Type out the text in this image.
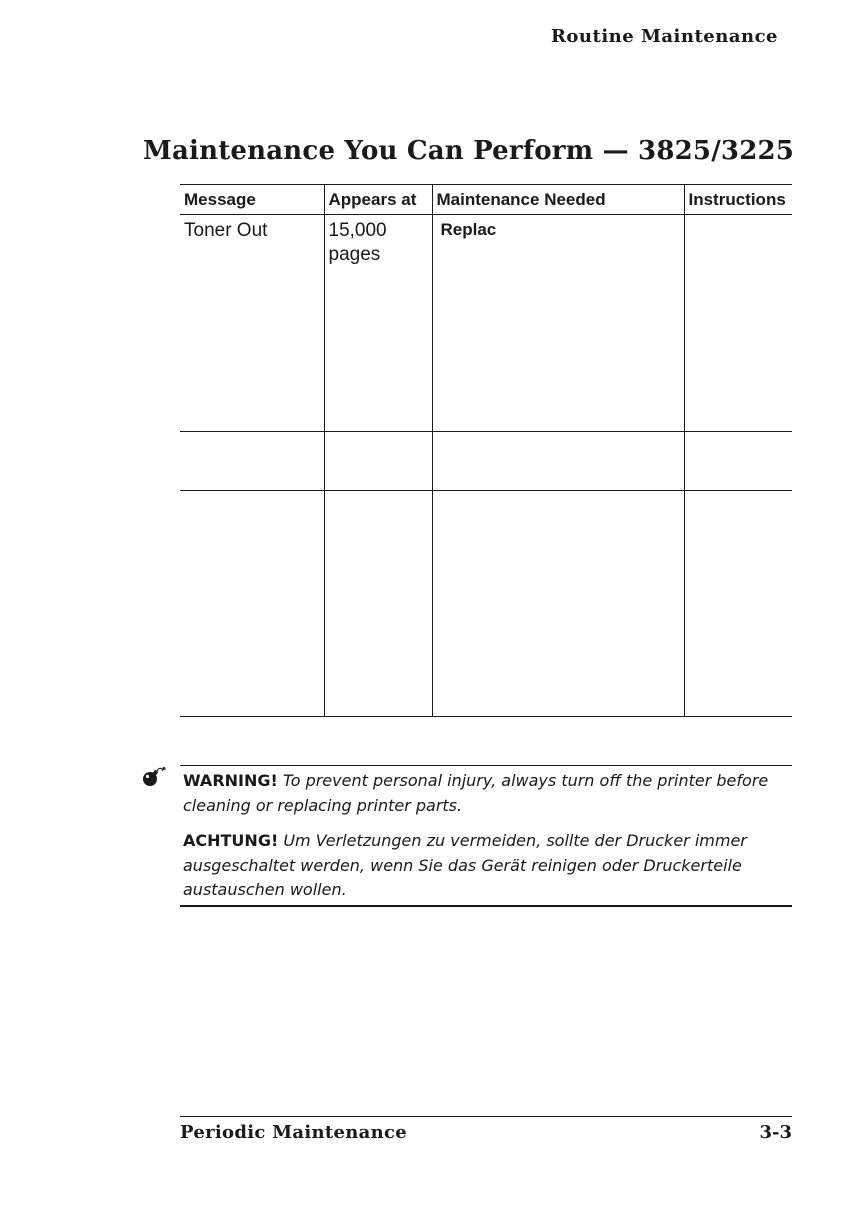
Routine Maintenance
Maintenance You Can Perform — 3825/3225
Message	Appears at	Maintenance Needed	Instructions
Toner Out	15,000 pages	Replac	

WARNING! To prevent personal injury, always turn off the printer before cleaning or replacing printer parts.

ACHTUNG! Um Verletzungen zu vermeiden, sollte der Drucker immer ausgeschaltet werden, wenn Sie das Gerät reinigen oder Druckerteile austauschen wollen.

Periodic Maintenance	3-3
